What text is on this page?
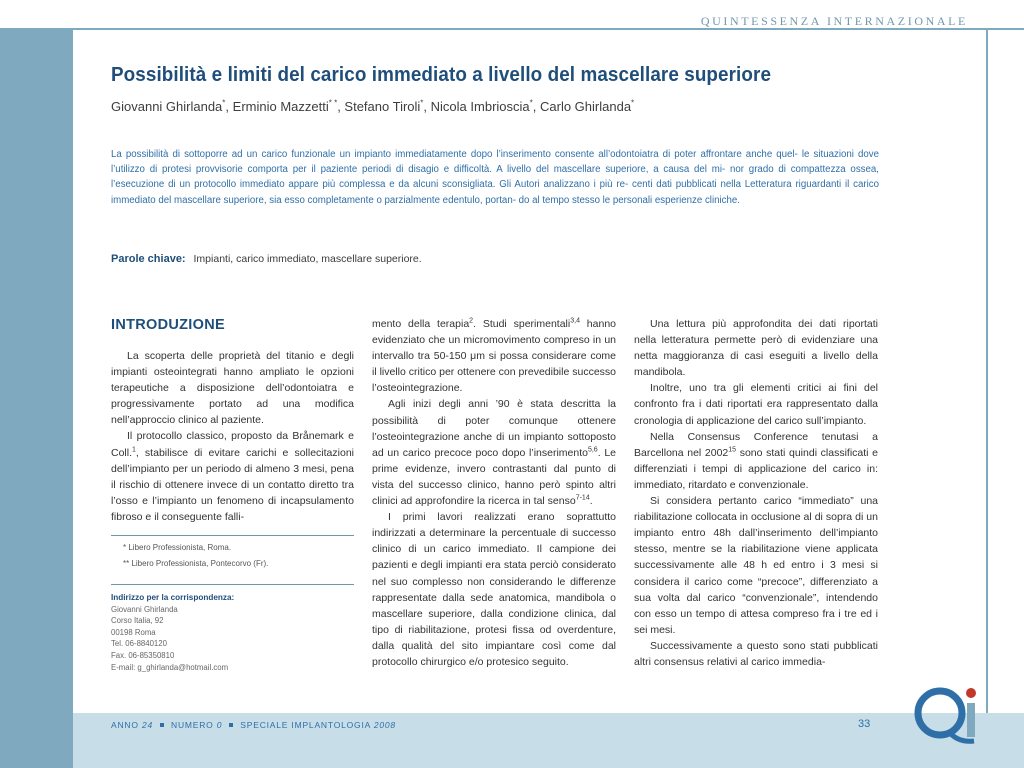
QUINTESSENZA INTERNAZIONALE
Possibilità e limiti del carico immediato a livello del mascellare superiore
Giovanni Ghirlanda*, Erminio Mazzetti* *, Stefano Tiroli*, Nicola Imbrioscia*, Carlo Ghirlanda*
La possibilità di sottoporre ad un carico funzionale un impianto immediatamente dopo l’inserimento consente all’odontoiatra di poter affrontare anche quel- le situazioni dove l’utilizzo di protesi provvisorie comporta per il paziente periodi di disagio e difficoltà. A livello del mascellare superiore, a causa del mi- nor grado di compattezza ossea, l’esecuzione di un protocollo immediato appare più complessa e da alcuni sconsigliata. Gli Autori analizzano i più re- centi dati pubblicati nella Letteratura riguardanti il carico immediato del mascellare superiore, sia esso completamente o parzialmente edentulo, portan- do al tempo stesso le personali esperienze cliniche.
Parole chiave: Impianti, carico immediato, mascellare superiore.
INTRODUZIONE

La scoperta delle proprietà del titanio e degli impianti osteointegrati hanno ampliato le opzioni terapeutiche a disposizione dell’odontoiatra e progressivamente portato ad una modifica nell’approccio clinico al paziente.

Il protocollo classico, proposto da Brånemark e Coll.$^1$, stabilisce di evitare carichi e sollecitazioni dell’impianto per un periodo di almeno 3 mesi, pena il rischio di ottenere invece di un contatto diretto tra l’osso e l’impianto un fenomeno di incapsulamento fibroso e il conseguente falli-

* Libero Professionista, Roma.
** Libero Professionista, Pontecorvo (Fr).
Indirizzo per la corrispondenza:
Giovanni Ghirlanda
Corso Italia, 92
00198 Roma
Tel. 06-8840120
Fax. 06-85350810
E-mail: g_ghirlanda@hotmail.com

mento della terapia$^2$. Studi sperimentali$^{3,4}$ hanno evidenziato che un micromovimento compreso in un intervallo tra 50-150 μm si possa considerare come il livello critico per ottenere con prevedibile successo l’osteointegrazione.

Agli inizi degli anni ’90 è stata descritta la possibilità di poter comunque ottenere l’osteointegrazione anche di un impianto sottoposto ad un carico precoce poco dopo l’inserimento$^{5,6}$. Le prime evidenze, invero contrastanti dal punto di vista del successo clinico, hanno però spinto altri clinici ad approfondire la ricerca in tal senso$^{7-14}$.

I primi lavori realizzati erano soprattutto indirizzati a determinare la percentuale di successo clinico di un carico immediato. Il campione dei pazienti e degli impianti era stata perciò considerato nel suo complesso non considerando le differenze rappresentate dalla sede anatomica, mandibola o mascellare superiore, dalla condizione clinica, dal tipo di riabilitazione, protesi fissa od overdenture, dalla qualità del sito impiantare così come dal protocollo chirurgico e/o protesico seguito.

Una lettura più approfondita dei dati riportati nella letteratura permette però di evidenziare una netta maggioranza di casi eseguiti a livello della mandibola.

Inoltre, uno tra gli elementi critici ai fini del confronto fra i dati riportati era rappresentato dalla cronologia di applicazione del carico sull’impianto.

Nella Consensus Conference tenutasi a Barcellona nel 2002$^{15}$ sono stati quindi classificati e differenziati i tempi di applicazione del carico in: immediato, ritardato e convenzionale.

Si considera pertanto carico “immediato” una riabilitazione collocata in occlusione al di sopra di un impianto entro 48h dall’inserimento dell’impianto stesso, mentre se la riabilitazione viene applicata successivamente alle 48 h ed entro i 3 mesi si considera il carico come “precoce”, differenziato a sua volta dal carico “convenzionale”, intendendo con esso un tempo di attesa compreso fra i tre ed i sei mesi.

Successivamente a questo sono stati pubblicati altri consensus relativi al carico immedia-

ANNO 24 NUMERO 0 SPECIALE IMPLANTOLOGIA 2008	33
